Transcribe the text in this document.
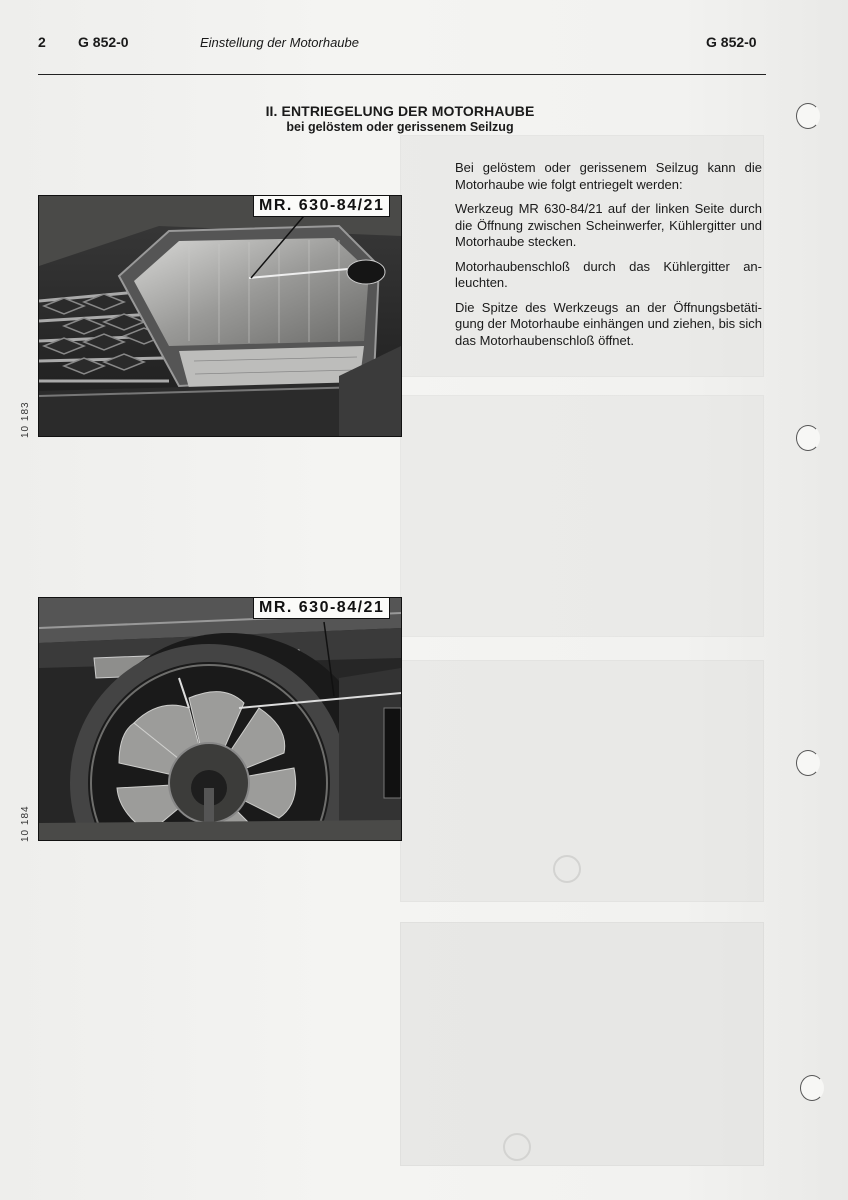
2 G 852-0	Einstellung der Motorhaube	G 852-0
II. ENTRIEGELUNG DER MOTORHAUBE
bei gelöstem oder gerissenem Seilzug

Bei gelöstem oder gerissenem Seilzug kann die Motorhaube wie folgt entriegelt werden:

Werkzeug MR 630-84/21 auf der linken Seite durch die Öffnung zwischen Scheinwerfer, Kühlergitter und Motorhaube stecken.

Motorhaubenschloß durch das Kühlergitter anleuchten.

Die Spitze des Werkzeugs an der Öffnungsbetätigung der Motorhaube einhängen und ziehen, bis sich das Motorhaubenschloß öffnet.

MR. 630-84/21
10 183
MR. 630-84/21
10 184
